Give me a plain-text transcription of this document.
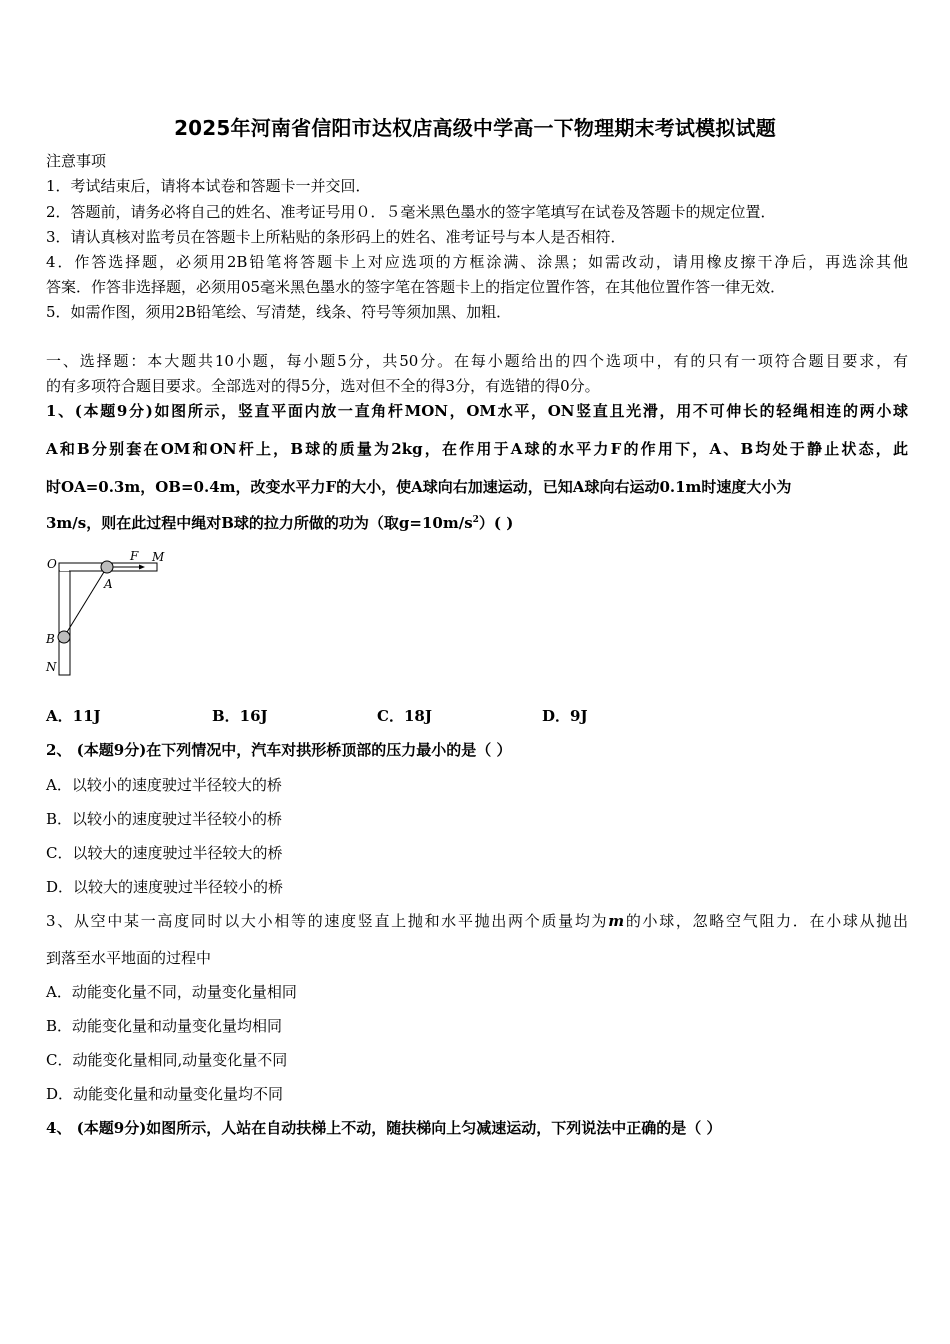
2025年河南省信阳市达权店高级中学高一下物理期末考试模拟试题
注意事项
1．考试结束后，请将本试卷和答题卡一并交回．
2．答题前，请务必将自己的姓名、准考证号用０．５毫米黑色墨水的签字笔填写在试卷及答题卡的规定位置．
3．请认真核对监考员在答题卡上所粘贴的条形码上的姓名、准考证号与本人是否相符．
4．作答选择题，必须用2B铅笔将答题卡上对应选项的方框涂满、涂黑；如需改动，请用橡皮擦干净后，再选涂其他
答案．作答非选择题，必须用05毫米黑色墨水的签字笔在答题卡上的指定位置作答，在其他位置作答一律无效．
5．如需作图，须用2B铅笔绘、写清楚，线条、符号等须加黑、加粗．
一、选择题：本大题共10小题，每小题5分，共50分。在每小题给出的四个选项中，有的只有一项符合题目要求，有
的有多项符合题目要求。全部选对的得5分，选对但不全的得3分，有选错的得0分。
1、(本题9分)如图所示，竖直平面内放一直角杆MON，OM水平，ON竖直且光滑，用不可伸长的轻绳相连的两小球
A和B分别套在OM和ON杆上，B球的质量为2kg，在作用于A球的水平力F的作用下，A、B均处于静止状态，此
时OA=0.3m，OB=0.4m，改变水平力F的大小，使A球向右加速运动，已知A球向右运动0.1m时速度大小为
3m/s，则在此过程中绳对B球的拉力所做的功为（取$g=10m/s^2$）( )
O
F M
A
B
N
A．11J	B．16J	C．18J	D．9J
2、 (本题9分)在下列情况中，汽车对拱形桥顶部的压力最小的是（ ）
A．以较小的速度驶过半径较大的桥
B．以较小的速度驶过半径较小的桥
C．以较大的速度驶过半径较大的桥
D．以较大的速度驶过半径较小的桥
3、从空中某一高度同时以大小相等的速度竖直上抛和水平抛出两个质量均为m的小球，忽略空气阻力．在小球从抛出
到落至水平地面的过程中
A．动能变化量不同，动量变化量相同
B．动能变化量和动量变化量均相同
C．动能变化量相同,动量变化量不同
D．动能变化量和动量变化量均不同
4、 (本题9分)如图所示，人站在自动扶梯上不动，随扶梯向上匀减速运动，下列说法中正确的是（ ）
